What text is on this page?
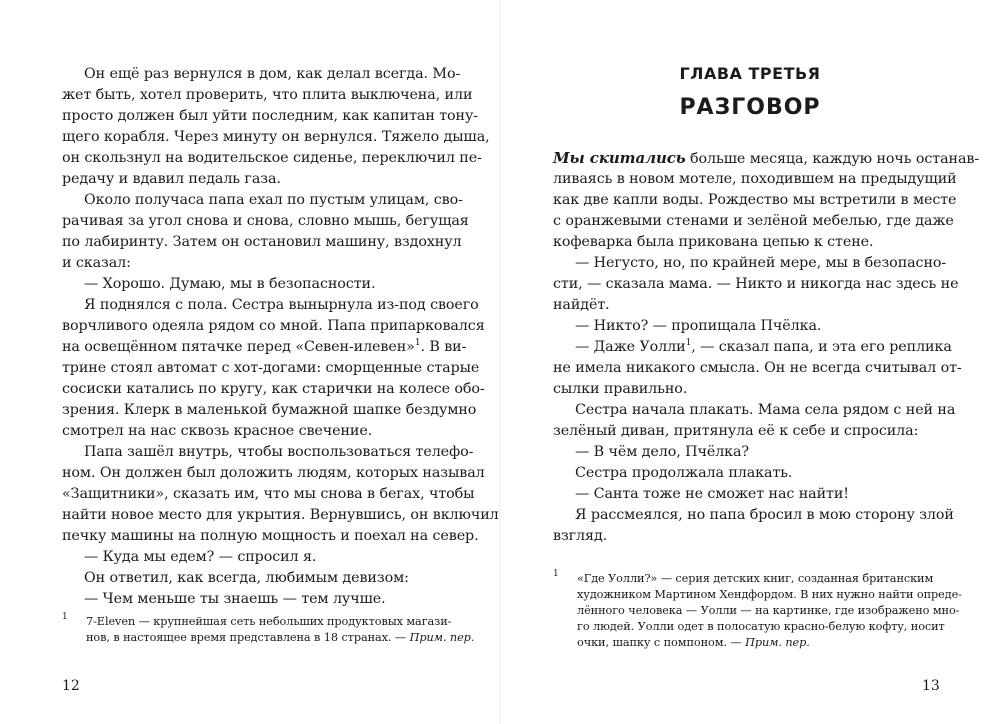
Он ещё раз вернулся в дом, как делал всегда. Мо-
жет быть, хотел проверить, что плита выключена, или
просто должен был уйти последним, как капитан тону-
щего корабля. Через минуту он вернулся. Тяжело дыша,
он скользнул на водительское сиденье, переключил пе-
редачу и вдавил педаль газа.
Около получаса папа ехал по пустым улицам, сво-
рачивая за угол снова и снова, словно мышь, бегущая
по лабиринту. Затем он остановил машину, вздохнул
и сказал:
— Хорошо. Думаю, мы в безопасности.
Я поднялся с пола. Сестра вынырнула из-под своего
ворчливого одеяла рядом со мной. Папа припарковался
на освещённом пятачке перед «Севен-илевен»$^1$. В ви-
трине стоял автомат с хот-догами: сморщенные старые
сосиски катались по кругу, как старички на колесе обо-
зрения. Клерк в маленькой бумажной шапке бездумно
смотрел на нас сквозь красное свечение.
Папа зашёл внутрь, чтобы воспользоваться телефо-
ном. Он должен был доложить людям, которых называл
«Защитники», сказать им, что мы снова в бегах, чтобы
найти новое место для укрытия. Вернувшись, он включил
печку машины на полную мощность и поехал на север.
— Куда мы едем? — спросил я.
Он ответил, как всегда, любимым девизом:
— Чем меньше ты знаешь — тем лучше.
1 7-Eleven — крупнейшая сеть небольших продуктовых магази-
нов, в настоящее время представлена в 18 странах. — Прим. пер.
12
ГЛАВА ТРЕТЬЯ
РАЗГОВОР
Мы скитались больше месяца, каждую ночь останав-
ливаясь в новом мотеле, походившем на предыдущий
как две капли воды. Рождество мы встретили в месте
с оранжевыми стенами и зелёной мебелью, где даже
кофеварка была прикована цепью к стене.
— Негусто, но, по крайней мере, мы в безопасно-
сти, — сказала мама. — Никто и никогда нас здесь не
найдёт.
— Никто? — пропищала Пчёлка.
— Даже Уолли$^1$, — сказал папа, и эта его реплика
не имела никакого смысла. Он не всегда считывал от-
сылки правильно.
Сестра начала плакать. Мама села рядом с ней на
зелёный диван, притянула её к себе и спросила:
— В чём дело, Пчёлка?
Сестра продолжала плакать.
— Санта тоже не сможет нас найти!
Я рассмеялся, но папа бросил в мою сторону злой
взгляд.
1 «Где Уолли?» — серия детских книг, созданная британским
художником Мартином Хендфордом. В них нужно найти опреде-
лённого человека — Уолли — на картинке, где изображено мно-
го людей. Уолли одет в полосатую красно-белую кофту, носит
очки, шапку с помпоном. — Прим. пер.
13
